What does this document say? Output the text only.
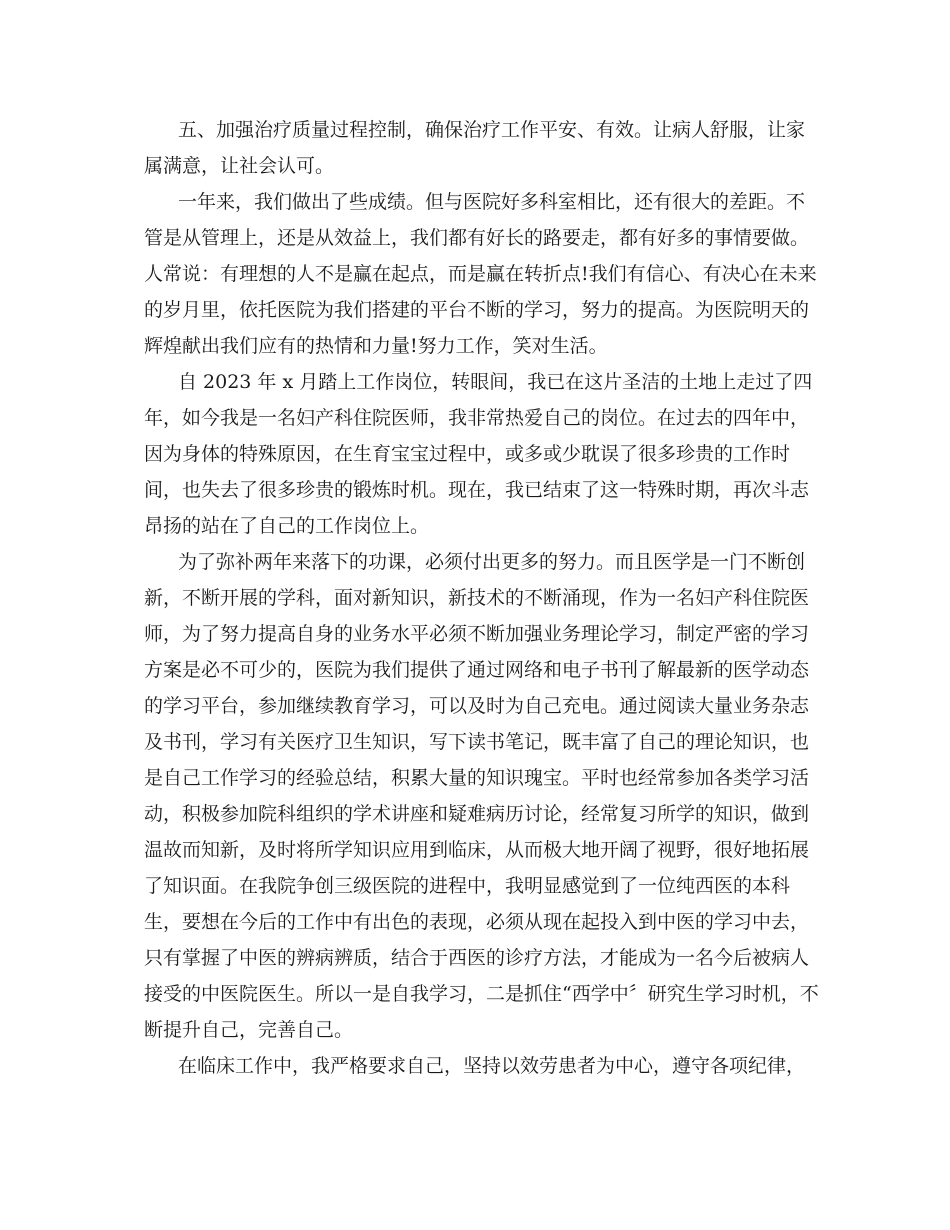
五、加强治疗质量过程控制，确保治疗工作平安、有效。让病人舒服，让家
属满意，让社会认可。
一年来，我们做出了些成绩。但与医院好多科室相比，还有很大的差距。不
管是从管理上，还是从效益上，我们都有好长的路要走，都有好多的事情要做。
人常说：有理想的人不是赢在起点，而是赢在转折点!我们有信心、有决心在未来
的岁月里，依托医院为我们搭建的平台不断的学习，努力的提高。为医院明天的
辉煌献出我们应有的热情和力量!努力工作，笑对生活。
自 2023 年 x 月踏上工作岗位，转眼间，我已在这片圣洁的土地上走过了四
年，如今我是一名妇产科住院医师，我非常热爱自己的岗位。在过去的四年中，
因为身体的特殊原因，在生育宝宝过程中，或多或少耽误了很多珍贵的工作时
间，也失去了很多珍贵的锻炼时机。现在，我已结束了这一特殊时期，再次斗志
昂扬的站在了自己的工作岗位上。
为了弥补两年来落下的功课，必须付出更多的努力。而且医学是一门不断创
新，不断开展的学科，面对新知识，新技术的不断涌现，作为一名妇产科住院医
师，为了努力提高自身的业务水平必须不断加强业务理论学习，制定严密的学习
方案是必不可少的，医院为我们提供了通过网络和电子书刊了解最新的医学动态
的学习平台，参加继续教育学习，可以及时为自己充电。通过阅读大量业务杂志
及书刊，学习有关医疗卫生知识，写下读书笔记，既丰富了自己的理论知识，也
是自己工作学习的经验总结，积累大量的知识瑰宝。平时也经常参加各类学习活
动，积极参加院科组织的学术讲座和疑难病历讨论，经常复习所学的知识，做到
温故而知新，及时将所学知识应用到临床，从而极大地开阔了视野，很好地拓展
了知识面。在我院争创三级医院的进程中，我明显感觉到了一位纯西医的本科
生，要想在今后的工作中有出色的表现，必须从现在起投入到中医的学习中去，
只有掌握了中医的辨病辨质，结合于西医的诊疗方法，才能成为一名今后被病人
接受的中医院医生。所以一是自我学习，二是抓住“西学中〞研究生学习时机，不
断提升自己，完善自己。
在临床工作中，我严格要求自己，坚持以效劳患者为中心，遵守各项纪律，
